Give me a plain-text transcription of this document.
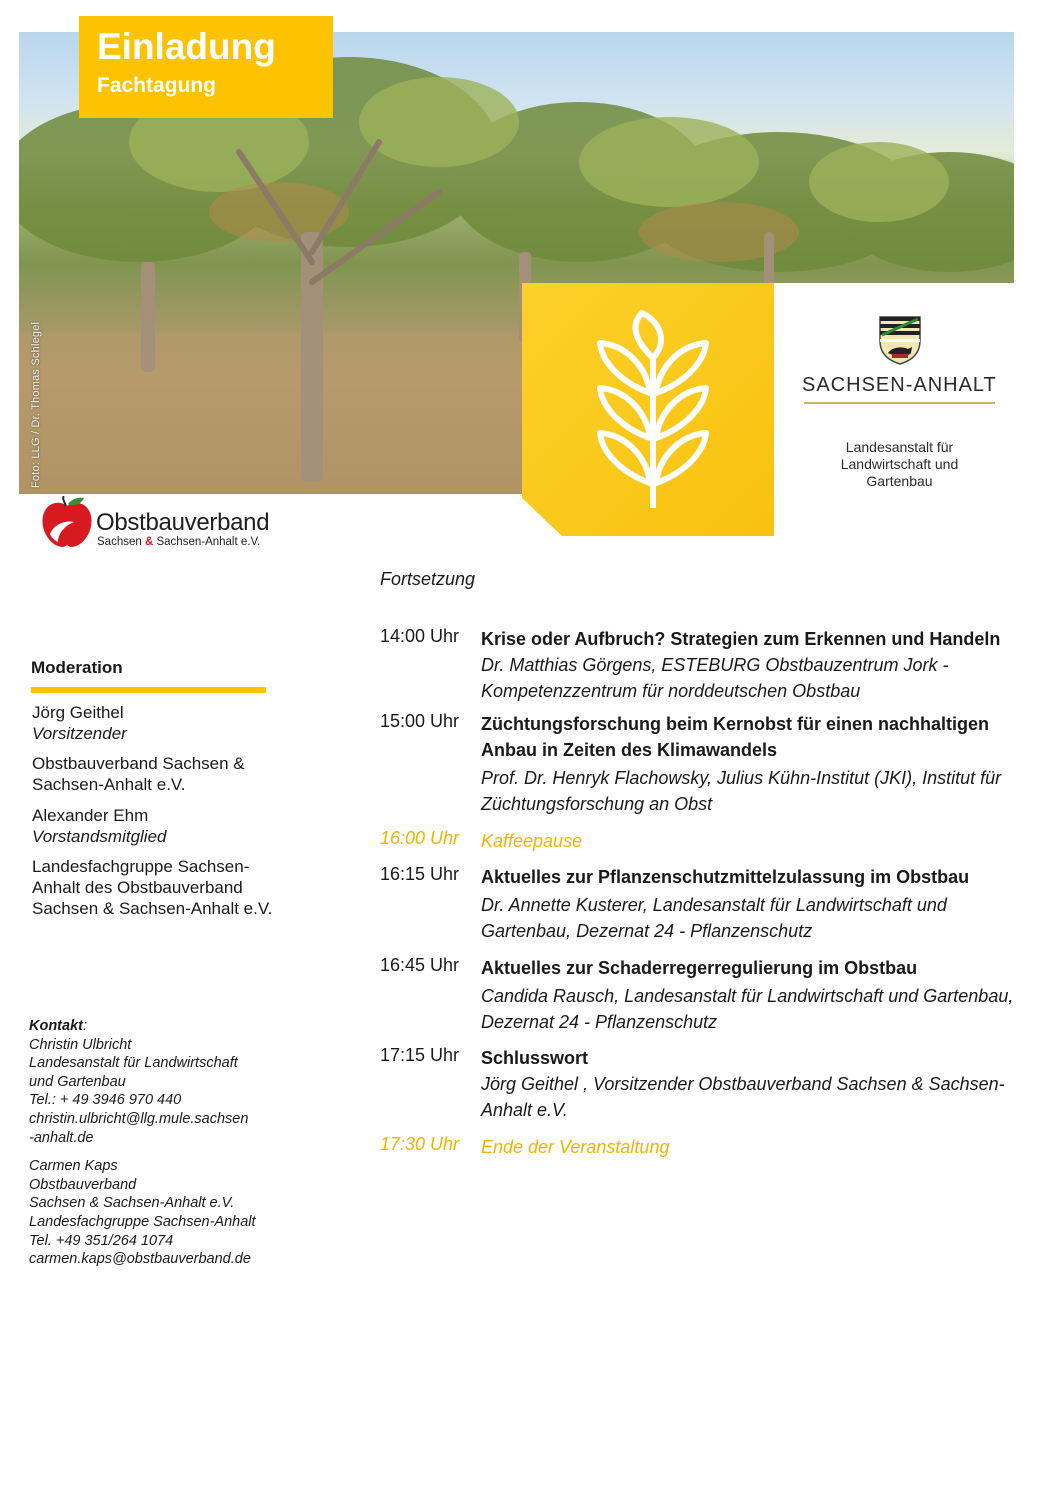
Foto: LLG / Dr. Thomas Schlegel
Einladung
Fachtagung
SACHSEN-ANHALT
Landesanstalt für
Landwirtschaft und
Gartenbau
Obstbauverband
Sachsen & Sachsen-Anhalt e.V.
Moderation
Jörg Geithel
Vorsitzender
Obstbauverband Sachsen & Sachsen-Anhalt e.V.
Alexander Ehm
Vorstandsmitglied
Landesfachgruppe Sachsen-Anhalt des Obstbauverband Sachsen & Sachsen-Anhalt e.V.
Kontakt:
Christin Ulbricht
Landesanstalt für Landwirtschaft
und Gartenbau
Tel.: + 49 3946 970 440
christin.ulbricht@llg.mule.sachsen
-anhalt.de
Carmen Kaps
Obstbauverband
Sachsen & Sachsen-Anhalt e.V.
Landesfachgruppe Sachsen-Anhalt
Tel. +49 351/264 1074
carmen.kaps@obstbauverband.de
Fortsetzung
14:00 Uhr	Krise oder Aufbruch? Strategien zum Erkennen und Handeln
Dr. Matthias Görgens, ESTEBURG Obstbauzentrum Jork - Kompetenzzentrum für norddeutschen Obstbau
15:00 Uhr	Züchtungsforschung beim Kernobst für einen nachhaltigen Anbau in Zeiten des Klimawandels
Prof. Dr. Henryk Flachowsky, Julius Kühn-Institut (JKI), Institut für Züchtungsforschung an Obst
16:00 Uhr	Kaffeepause
16:15 Uhr	Aktuelles zur Pflanzenschutzmittelzulassung im Obstbau
Dr. Annette Kusterer, Landesanstalt für Landwirtschaft und Gartenbau, Dezernat 24 - Pflanzenschutz
16:45 Uhr	Aktuelles zur Schaderregerregulierung im Obstbau
Candida Rausch, Landesanstalt für Landwirtschaft und Gartenbau, Dezernat 24 - Pflanzenschutz
17:15 Uhr	Schlusswort
Jörg Geithel , Vorsitzender Obstbauverband Sachsen & Sachsen-Anhalt e.V.
17:30 Uhr	Ende der Veranstaltung
